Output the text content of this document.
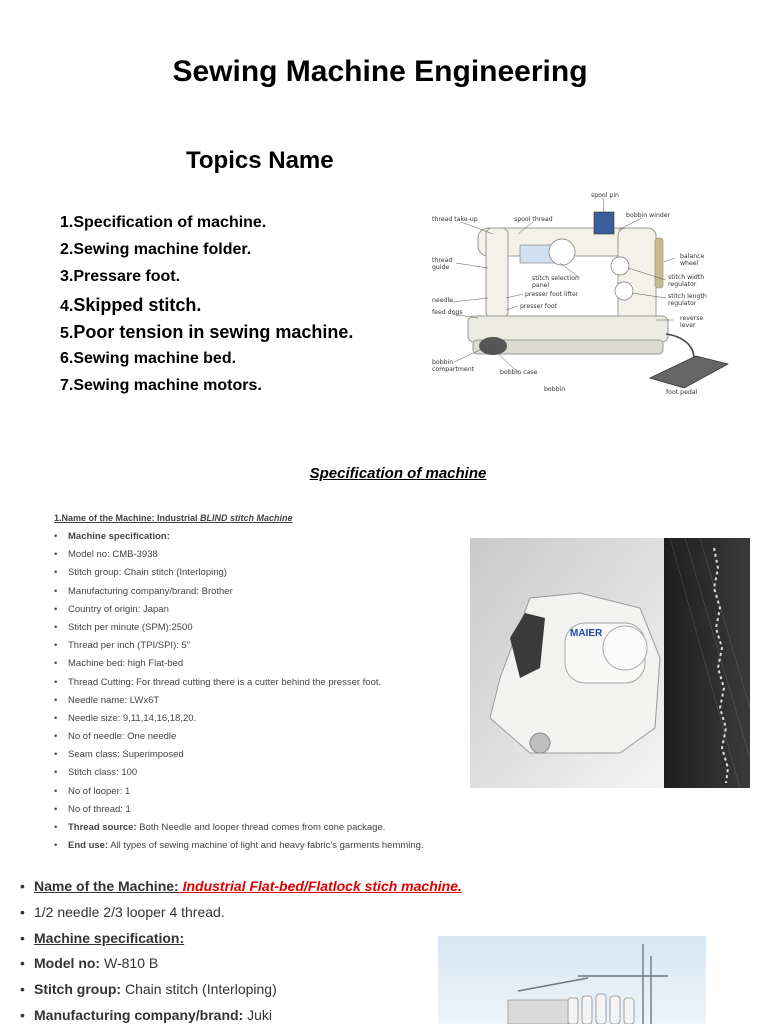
Sewing Machine Engineering
Topics Name
1.Specification of machine.
2.Sewing machine folder.
3.Pressare foot.
4.Skipped stitch.
5.Poor tension in sewing machine.
6.Sewing machine bed.
7.Sewing machine motors.
spool pin
thread take-up	spool thread
bobbin winder
thread
guide
stitch selection
panel
balance
wheel
stitch width
regulator
presser foot lifter
needle
presser foot
stitch length
regulator
feed dogs
reverse
lever
bobbin
compartment	bobbin case
bobbin	foot pedal
Specification of machine
1.Name of the Machine: Industrial BLIND stitch Machine
• Machine specification:
• Model no: CMB-3938
• Stitch group: Chain stitch (Interloping)
• Manufacturing company/brand: Brother
• Country of origin: Japan
• Stitch per minute (SPM):2500
• Thread per inch (TPI/SPI): 5"
• Machine bed: high Flat-bed
• Thread Cutting: For thread cutting there is a cutter behind the presser foot.
• Needle name: LWx6T
• Needle size: 9,11,14,16,18,20.
• No of needle: One needle
• Seam class: Superimposed
• Stitch class: 100
• No of looper: 1
• No of thread: 1
• Thread source: Both Needle and looper thread comes from cone package.
• End use: All types of sewing machine of light and heavy fabric's garments hemming.
MAIER
• Name of the Machine: Industrial Flat-bed/Flatlock stich machine.
• 1/2 needle 2/3 looper 4 thread.
• Machine specification:
• Model no: W-810 B
• Stitch group: Chain stitch (Interloping)
• Manufacturing company/brand: Juki
